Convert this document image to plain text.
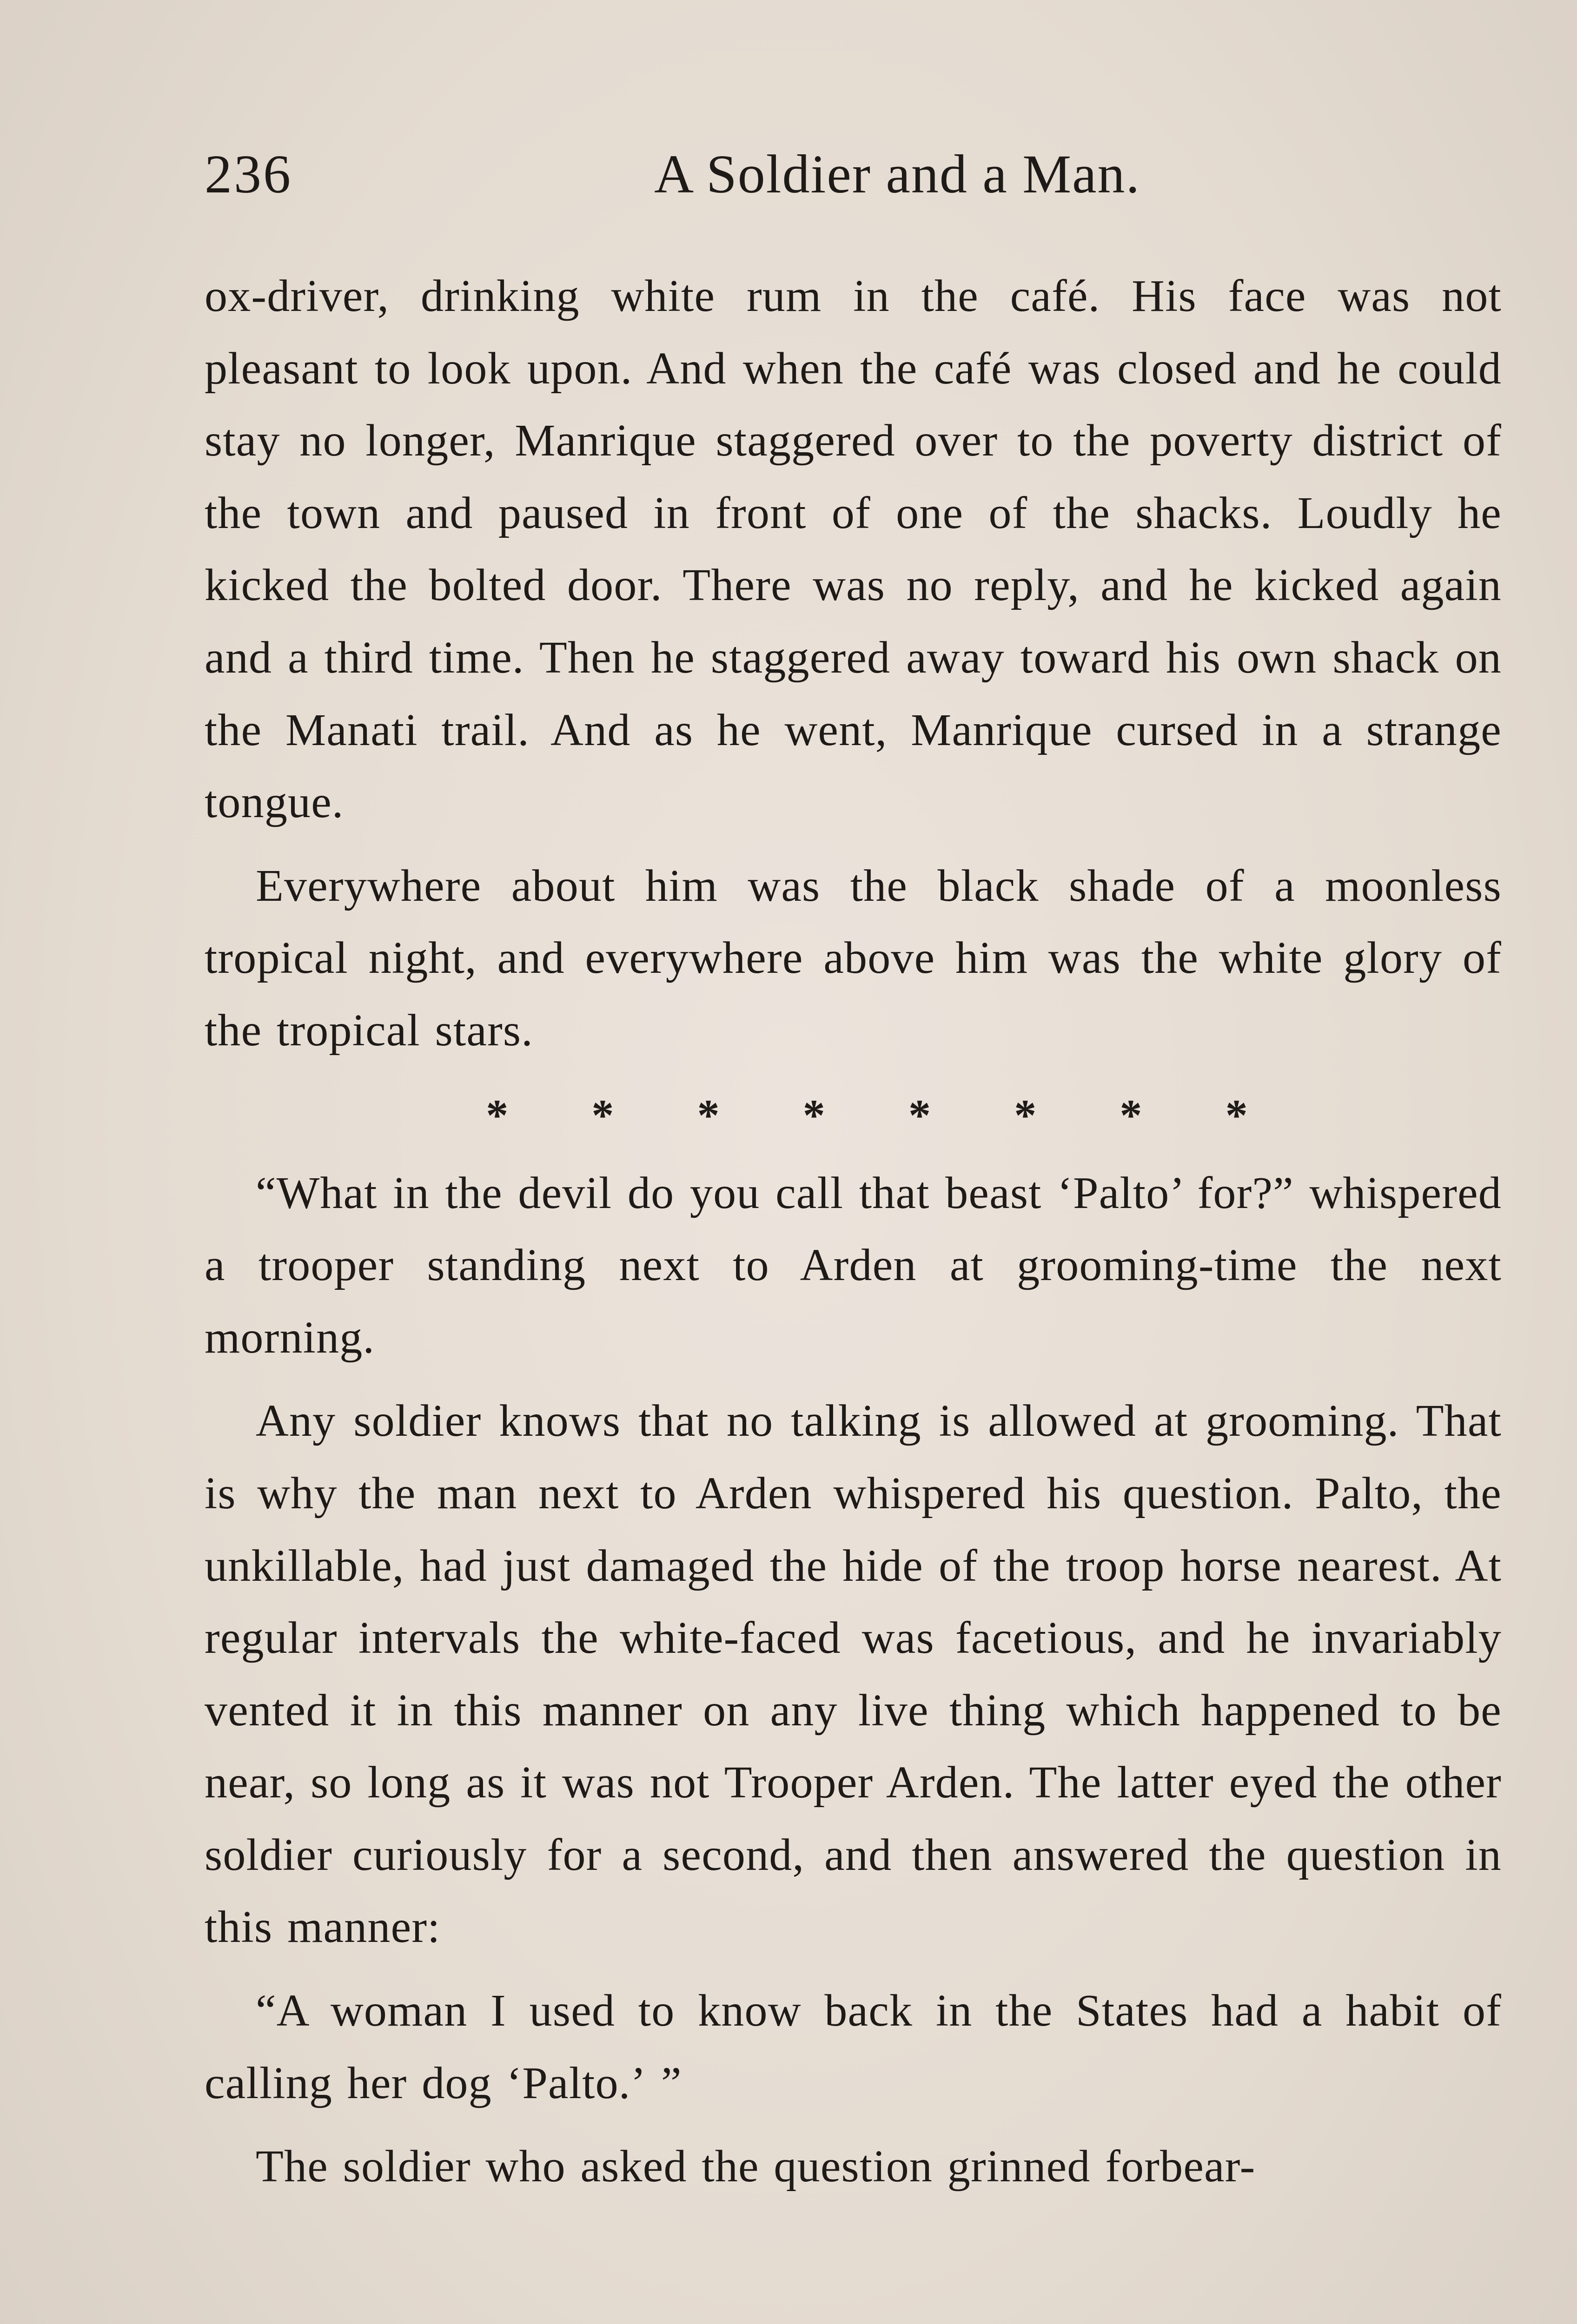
236	A Soldier and a Man.

ox-driver, drinking white rum in the café. His face was not pleasant to look upon. And when the café was closed and he could stay no longer, Manrique staggered over to the poverty district of the town and paused in front of one of the shacks. Loudly he kicked the bolted door. There was no reply, and he kicked again and a third time. Then he staggered away toward his own shack on the Manati trail. And as he went, Manrique cursed in a strange tongue.

Everywhere about him was the black shade of a moonless tropical night, and everywhere above him was the white glory of the tropical stars.

* * * * * * * *

“What in the devil do you call that beast ‘Palto’ for?” whispered a trooper standing next to Arden at grooming-time the next morning.

Any soldier knows that no talking is allowed at grooming. That is why the man next to Arden whispered his question. Palto, the unkillable, had just damaged the hide of the troop horse nearest. At regular intervals the white-faced was facetious, and he invariably vented it in this manner on any live thing which happened to be near, so long as it was not Trooper Arden. The latter eyed the other soldier curiously for a second, and then answered the question in this manner:

“A woman I used to know back in the States had a habit of calling her dog ‘Palto.’ ”

The soldier who asked the question grinned forbear-
